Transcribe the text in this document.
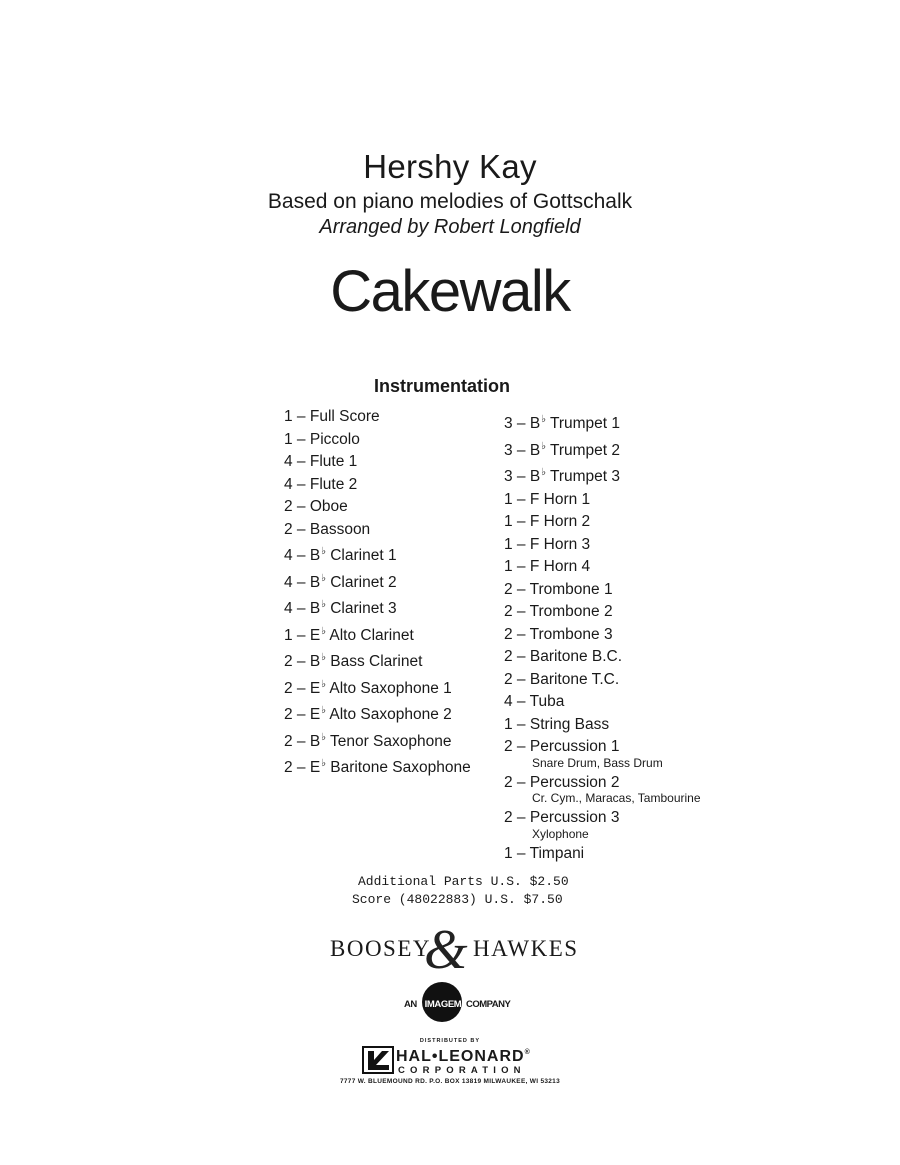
Hershy Kay
Based on piano melodies of Gottschalk
Arranged by Robert Longfield
Cakewalk
Instrumentation
1 – Full Score
1 – Piccolo
4 – Flute 1
4 – Flute 2
2 – Oboe
2 – Bassoon
4 – B♭ Clarinet 1
4 – B♭ Clarinet 2
4 – B♭ Clarinet 3
1 – E♭ Alto Clarinet
2 – B♭ Bass Clarinet
2 – E♭ Alto Saxophone 1
2 – E♭ Alto Saxophone 2
2 – B♭ Tenor Saxophone
2 – E♭ Baritone Saxophone
3 – B♭ Trumpet 1
3 – B♭ Trumpet 2
3 – B♭ Trumpet 3
1 – F Horn 1
1 – F Horn 2
1 – F Horn 3
1 – F Horn 4
2 – Trombone 1
2 – Trombone 2
2 – Trombone 3
2 – Baritone B.C.
2 – Baritone T.C.
4 – Tuba
1 – String Bass
2 – Percussion 1
Snare Drum, Bass Drum
2 – Percussion 2
Cr. Cym., Maracas, Tambourine
2 – Percussion 3
Xylophone
1 – Timpani
Additional Parts U.S. $2.50
Score (48022883) U.S. $7.50
BOOSEY
& HAWKES
AN IMAGEM COMPANY
DISTRIBUTED BY
HAL•LEONARD®
CORPORATION
7777 W. BLUEMOUND RD. P.O. BOX 13819 MILWAUKEE, WI 53213
